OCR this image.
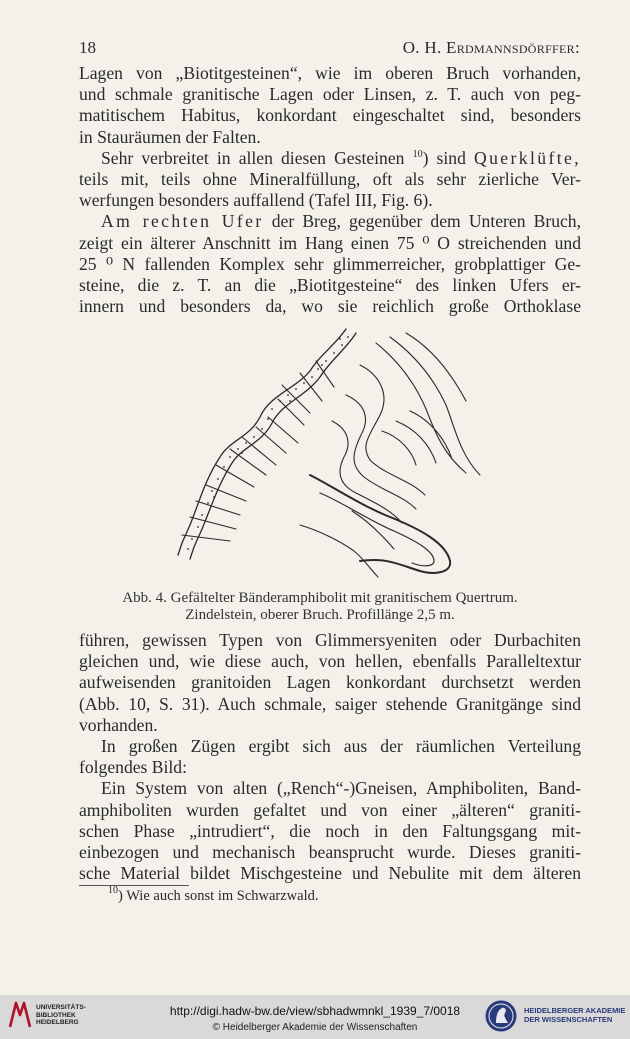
18	O. H. Erdmannsdörffer:
Lagen von „Biotitgesteinen“, wie im oberen Bruch vorhanden,
und schmale granitische Lagen oder Linsen, z. T. auch von peg-
matitischem Habitus, konkordant eingeschaltet sind, besonders
in Stauräumen der Falten.
Sehr verbreitet in allen diesen Gesteinen $^{10}$) sind Querklüfte,
teils mit, teils ohne Mineralfüllung, oft als sehr zierliche Ver-
werfungen besonders auffallend (Tafel III, Fig. 6).
Am rechten Ufer der Breg, gegenüber dem Unteren Bruch,
zeigt ein älterer Anschnitt im Hang einen 75 ⁰ O streichenden und
25 ⁰ N fallenden Komplex sehr glimmerreicher, grobplattiger Ge-
steine, die z. T. an die „Biotitgesteine“ des linken Ufers er-
innern und besonders da, wo sie reichlich große Orthoklase
Abb. 4. Gefältelter Bänderamphibolit mit granitischem Quertrum.
Zindelstein, oberer Bruch. Profillänge 2,5 m.
führen, gewissen Typen von Glimmersyeniten oder Durbachiten
gleichen und, wie diese auch, von hellen, ebenfalls Paralleltextur
aufweisenden granitoiden Lagen konkordant durchsetzt werden
(Abb. 10, S. 31). Auch schmale, saiger stehende Granitgänge sind
vorhanden.
In großen Zügen ergibt sich aus der räumlichen Verteilung
folgendes Bild:
Ein System von alten („Rench“-)Gneisen, Amphiboliten, Band-
amphiboliten wurden gefaltet und von einer „älteren“ graniti-
schen Phase „intrudiert“, die noch in den Faltungsgang mit-
einbezogen und mechanisch beansprucht wurde. Dieses graniti-
sche Material bildet Mischgesteine und Nebulite mit dem älteren
$^{10}$) Wie auch sonst im Schwarzwald.
UNIVERSITÄTS-
BIBLIOTHEK
HEIDELBERG
http://digi.hadw-bw.de/view/sbhadwmnkl_1939_7/0018
© Heidelberger Akademie der Wissenschaften
HEIDELBERGER AKADEMIE
DER WISSENSCHAFTEN
